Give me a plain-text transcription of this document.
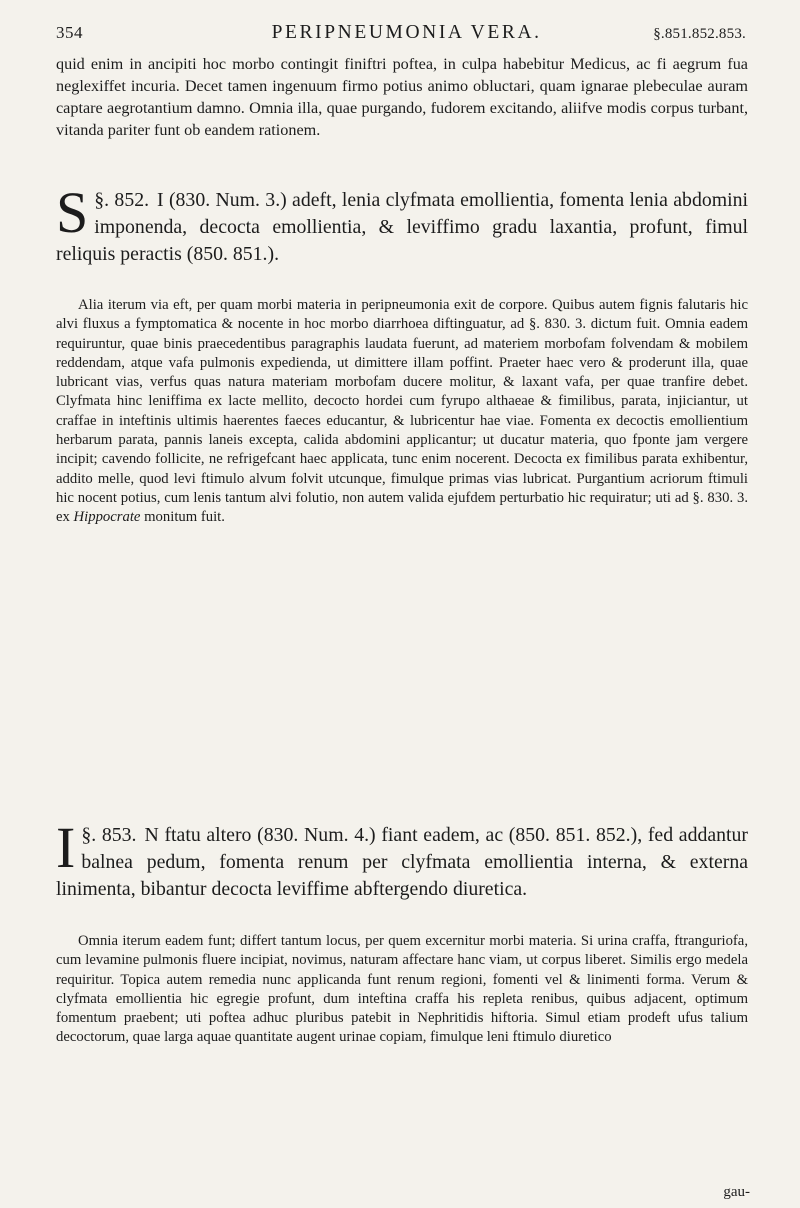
354	PERIPNEUMONIA VERA.	§.851.852.853.

quid enim in ancipiti hoc morbo contingit finiftri poftea, in culpa habebitur Medicus, ac fi aegrum fua neglexiffet incuria. Decet tamen ingenuum firmo potius animo obluctari, quam ignarae plebeculae auram captare aegrotantium damno. Omnia illa, quae purgando, fudorem excitando, aliifve modis corpus turbant, vitanda pariter funt ob eandem rationem.

§. 852.
S	I (830. Num. 3.) adeft, lenia clyfmata emollientia, fomenta lenia abdomini imponenda, decocta emollientia, & leviffimo gradu laxantia, profunt, fimul reliquis peractis (850. 851.).

Alia iterum via eft, per quam morbi materia in peripneumonia exit de corpore. Quibus autem fignis falutaris hic alvi fluxus a fymptomatica & nocente in hoc morbo diarrhoea diftinguatur, ad §. 830. 3. dictum fuit. Omnia eadem requiruntur, quae binis praecedentibus paragraphis laudata fuerunt, ad materiem morbofam folvendam & mobilem reddendam, atque vafa pulmonis expedienda, ut dimittere illam poffint. Praeter haec vero & proderunt illa, quae lubricant vias, verfus quas natura materiam morbofam ducere molitur, & laxant vafa, per quae tranfire debet. Clyfmata hinc leniffima ex lacte mellito, decocto hordei cum fyrupo althaeae & fimilibus, parata, injiciantur, ut craffae in inteftinis ultimis haerentes faeces educantur, & lubricentur hae viae. Fomenta ex decoctis emollientium herbarum parata, pannis laneis excepta, calida abdomini applicantur; ut ducatur materia, quo fponte jam vergere incipit; cavendo follicite, ne refrigefcant haec applicata, tunc enim nocerent. Decocta ex fimilibus parata exhibentur, addito melle, quod levi ftimulo alvum folvit utcunque, fimulque primas vias lubricat. Purgantium acriorum ftimuli hic nocent potius, cum lenis tantum alvi folutio, non autem valida ejufdem perturbatio hic requiratur; uti ad §. 830. 3. ex Hippocrate monitum fuit.

§. 853.
I	N ftatu altero (830. Num. 4.) fiant eadem, ac (850. 851. 852.), fed addantur balnea pedum, fomenta renum per clyfmata emollientia interna, & externa linimenta, bibantur decocta leviffime abftergendo diuretica.

Omnia iterum eadem funt; differt tantum locus, per quem excernitur morbi materia. Si urina craffa, ftranguriofa, cum levamine pulmonis fluere incipiat, novimus, naturam affectare hanc viam, ut corpus liberet. Similis ergo medela requiritur. Topica autem remedia nunc applicanda funt renum regioni, fomenti vel & linimenti forma. Verum & clyfmata emollientia hic egregie profunt, dum inteftina craffa his repleta renibus, quibus adjacent, optimum fomentum praebent; uti poftea adhuc pluribus patebit in Nephritidis hiftoria. Simul etiam prodeft ufus talium decoctorum, quae larga aquae quantitate augent urinae copiam, fimulque leni ftimulo diuretico

gau-
